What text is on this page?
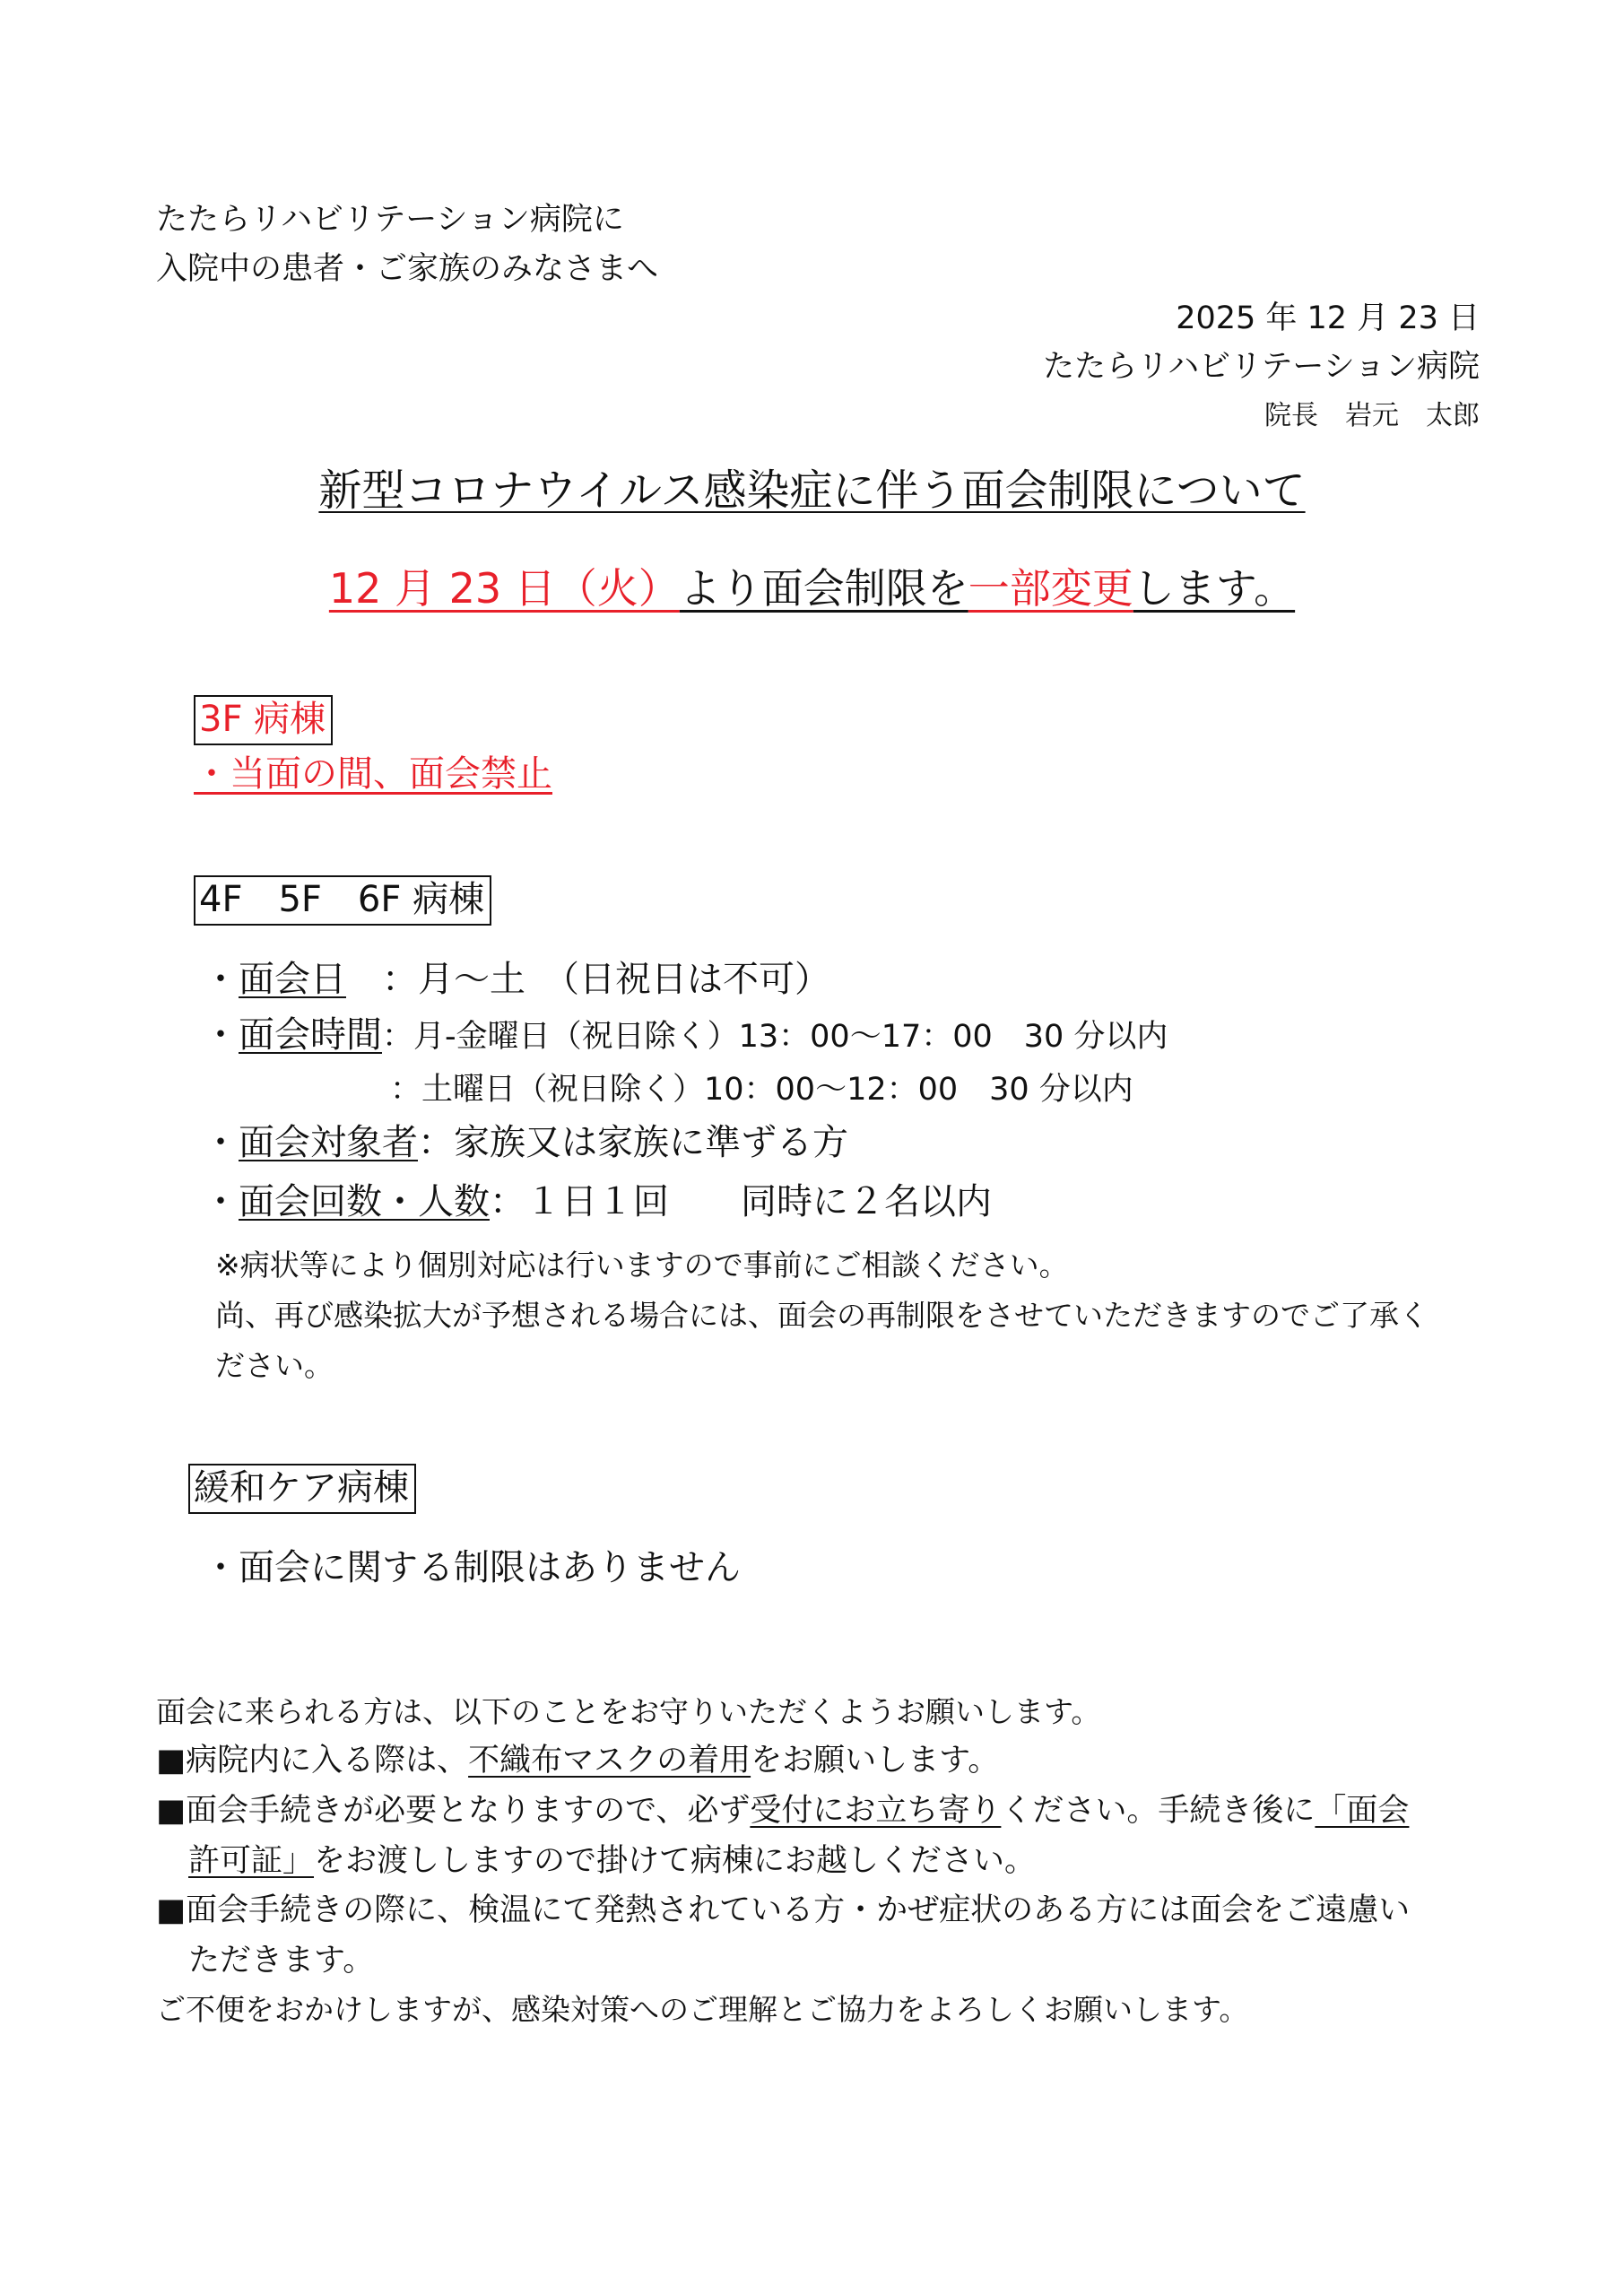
たたらリハビリテーション病院に
入院中の患者・ご家族のみなさまへ
2025 年 12 月 23 日
たたらリハビリテーション病院
院長　岩元　太郎
新型コロナウイルス感染症に伴う面会制限について
12 月 23 日（火）より面会制限を一部変更します。
3F 病棟
・当面の間、面会禁止
4F　5F　6F 病棟
・面会日　：月～土　（日祝日は不可）
・面会時間：月-金曜日（祝日除く）13：00～17：00　30 分以内
：土曜日（祝日除く）10：00～12：00　30 分以内
・面会対象者：家族又は家族に準ずる方
・面会回数・人数：１日１回　　同時に２名以内
※病状等により個別対応は行いますので事前にご相談ください。
尚、再び感染拡大が予想される場合には、面会の再制限をさせていただきますのでご了承く
ださい。
緩和ケア病棟
・面会に関する制限はありません
面会に来られる方は、以下のことをお守りいただくようお願いします。
■病院内に入る際は、不織布マスクの着用をお願いします。
■面会手続きが必要となりますので、必ず受付にお立ち寄りください。手続き後に「面会
許可証」をお渡ししますので掛けて病棟にお越しください。
■面会手続きの際に、検温にて発熱されている方・かぜ症状のある方には面会をご遠慮い
ただきます。
ご不便をおかけしますが、感染対策へのご理解とご協力をよろしくお願いします。
